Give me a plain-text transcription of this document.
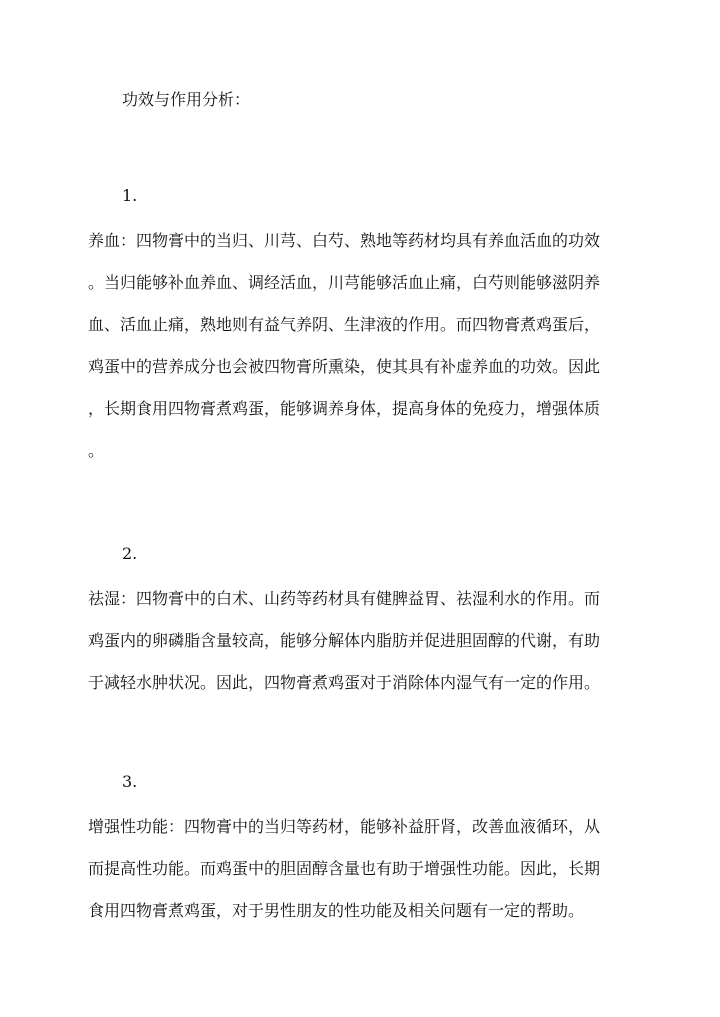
功效与作用分析：
1.
养血：四物膏中的当归、川芎、白芍、熟地等药材均具有养血活血的功效
。当归能够补血养血、调经活血，川芎能够活血止痛，白芍则能够滋阴养
血、活血止痛，熟地则有益气养阴、生津液的作用。而四物膏煮鸡蛋后，
鸡蛋中的营养成分也会被四物膏所熏染，使其具有补虚养血的功效。因此
，长期食用四物膏煮鸡蛋，能够调养身体，提高身体的免疫力，增强体质
。
2.
祛湿：四物膏中的白术、山药等药材具有健脾益胃、祛湿利水的作用。而
鸡蛋内的卵磷脂含量较高，能够分解体内脂肪并促进胆固醇的代谢，有助
于减轻水肿状况。因此，四物膏煮鸡蛋对于消除体内湿气有一定的作用。
3.
增强性功能：四物膏中的当归等药材，能够补益肝肾，改善血液循环，从
而提高性功能。而鸡蛋中的胆固醇含量也有助于增强性功能。因此，长期
食用四物膏煮鸡蛋，对于男性朋友的性功能及相关问题有一定的帮助。
